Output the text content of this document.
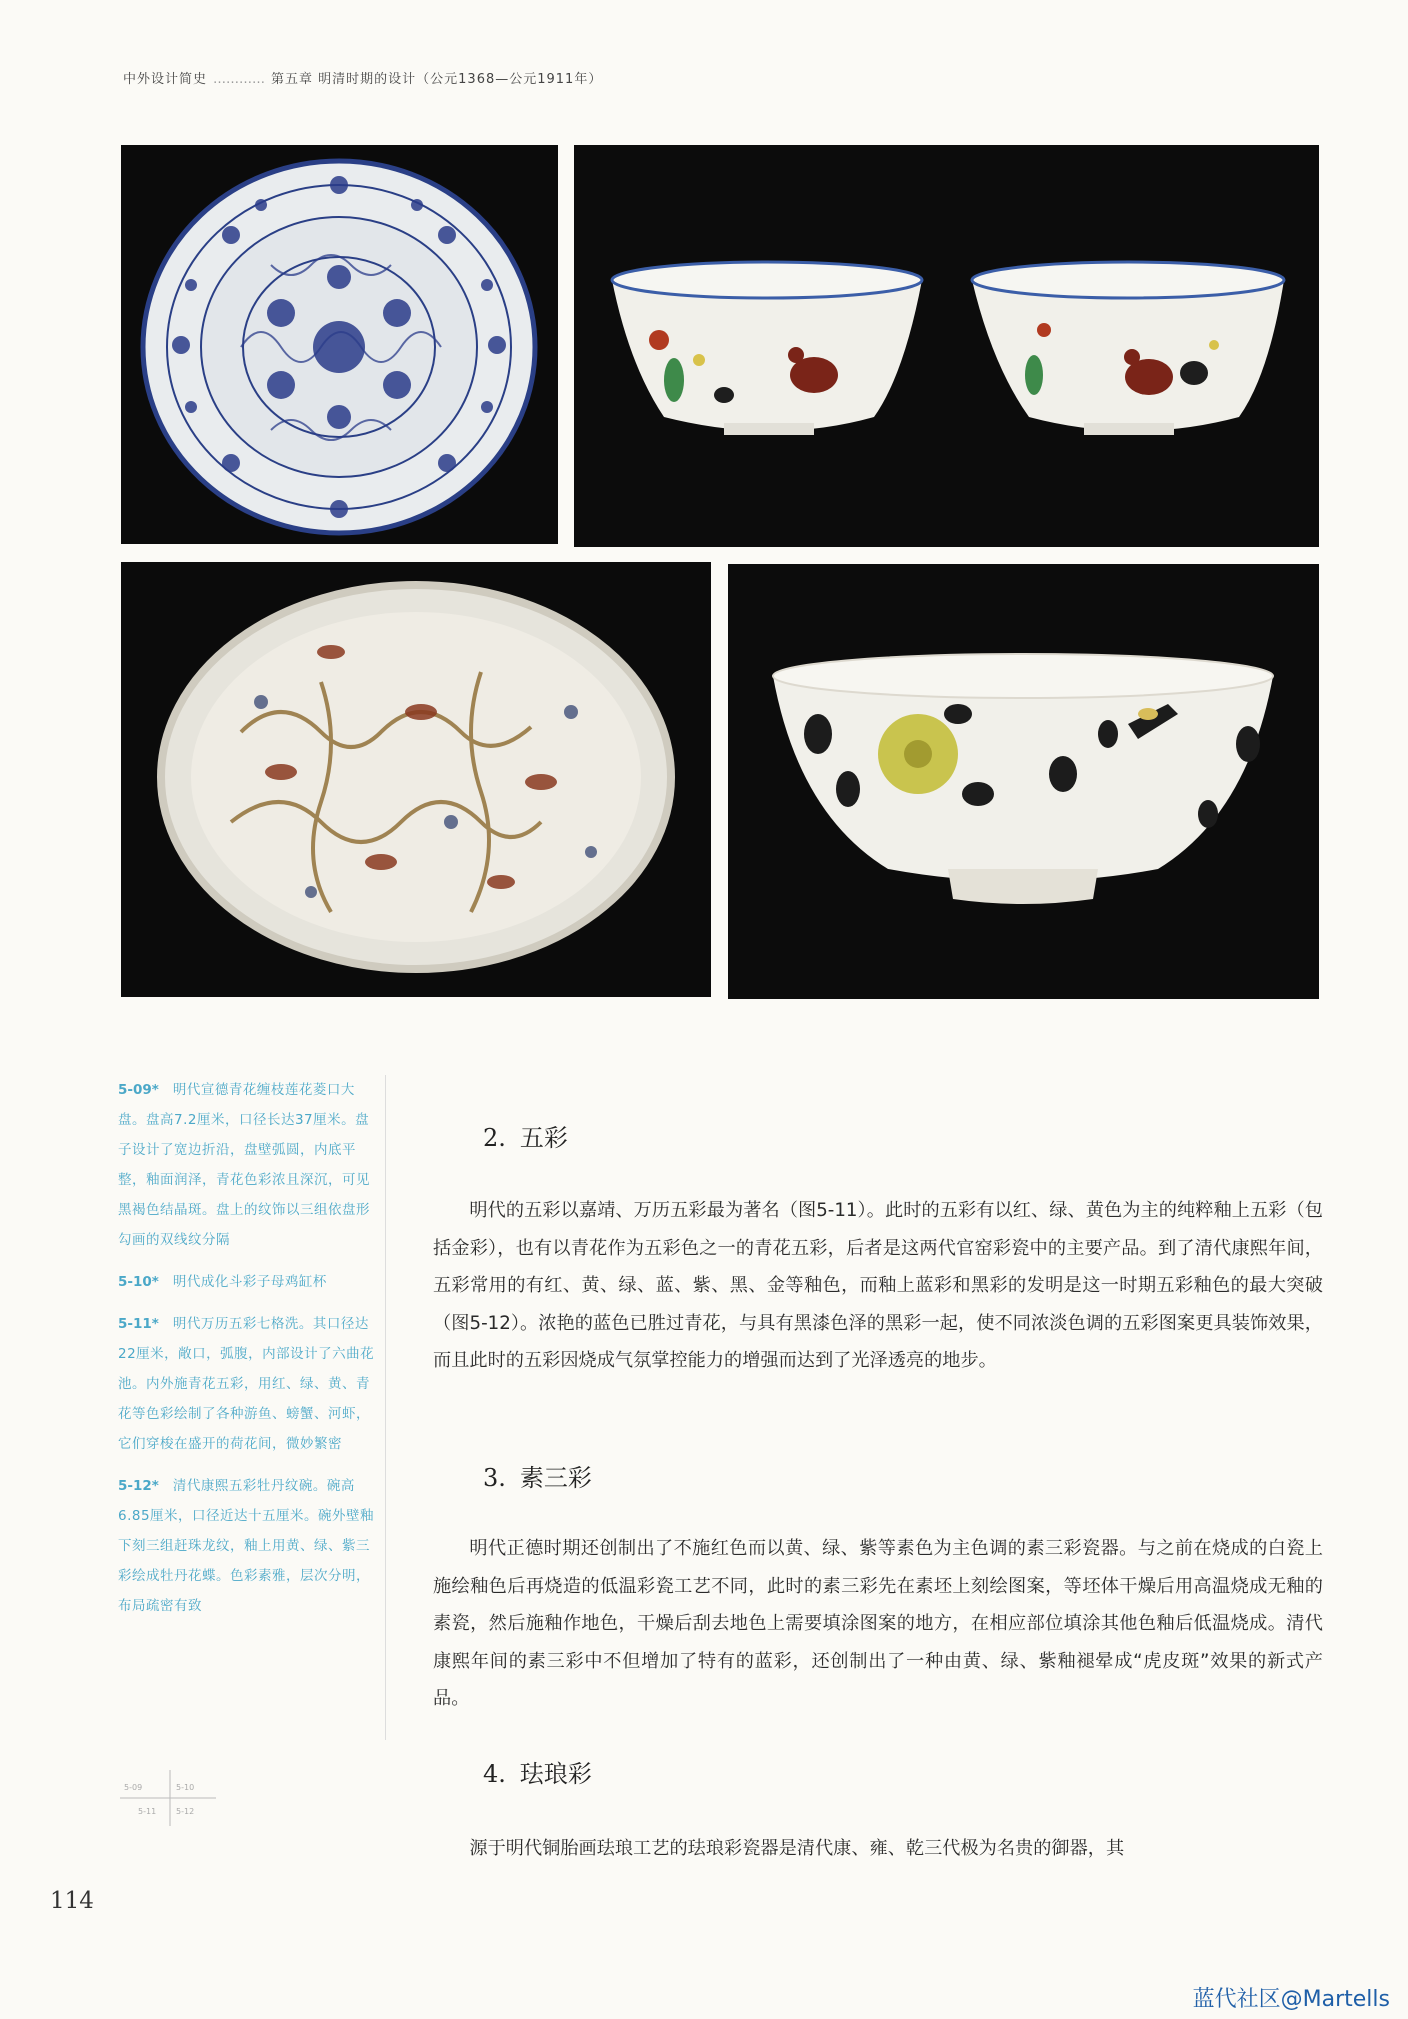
中外设计简史 ………… 第五章 明清时期的设计（公元1368—公元1911年）

5-09* 明代宣德青花缠枝莲花菱口大盘。盘高7.2厘米，口径长达37厘米。盘子设计了宽边折沿，盘壁弧圆，内底平整，釉面润泽，青花色彩浓且深沉，可见黑褐色结晶斑。盘上的纹饰以三组依盘形勾画的双线纹分隔

5-10* 明代成化斗彩子母鸡缸杯

5-11* 明代万历五彩七格洗。其口径达22厘米，敞口，弧腹，内部设计了六曲花池。内外施青花五彩，用红、绿、黄、青花等色彩绘制了各种游鱼、螃蟹、河虾，它们穿梭在盛开的荷花间，微妙繁密

5-12* 清代康熙五彩牡丹纹碗。碗高6.85厘米，口径近达十五厘米。碗外壁釉下刻三组赶珠龙纹，釉上用黄、绿、紫三彩绘成牡丹花蝶。色彩素雅，层次分明，布局疏密有致

5-09	5-10
5-11 5-12
2. 五彩

明代的五彩以嘉靖、万历五彩最为著名（图5-11）。此时的五彩有以红、绿、黄色为主的纯粹釉上五彩（包括金彩），也有以青花作为五彩色之一的青花五彩，后者是这两代官窑彩瓷中的主要产品。到了清代康熙年间，五彩常用的有红、黄、绿、蓝、紫、黑、金等釉色，而釉上蓝彩和黑彩的发明是这一时期五彩釉色的最大突破（图5-12）。浓艳的蓝色已胜过青花，与具有黑漆色泽的黑彩一起，使不同浓淡色调的五彩图案更具装饰效果，而且此时的五彩因烧成气氛掌控能力的增强而达到了光泽透亮的地步。

3. 素三彩

明代正德时期还创制出了不施红色而以黄、绿、紫等素色为主色调的素三彩瓷器。与之前在烧成的白瓷上施绘釉色后再烧造的低温彩瓷工艺不同，此时的素三彩先在素坯上刻绘图案，等坯体干燥后用高温烧成无釉的素瓷，然后施釉作地色，干燥后刮去地色上需要填涂图案的地方，在相应部位填涂其他色釉后低温烧成。清代康熙年间的素三彩中不但增加了特有的蓝彩，还创制出了一种由黄、绿、紫釉褪晕成“虎皮斑”效果的新式产品。

4. 珐琅彩

源于明代铜胎画珐琅工艺的珐琅彩瓷器是清代康、雍、乾三代极为名贵的御器，其

114
蓝代社区@Martells
